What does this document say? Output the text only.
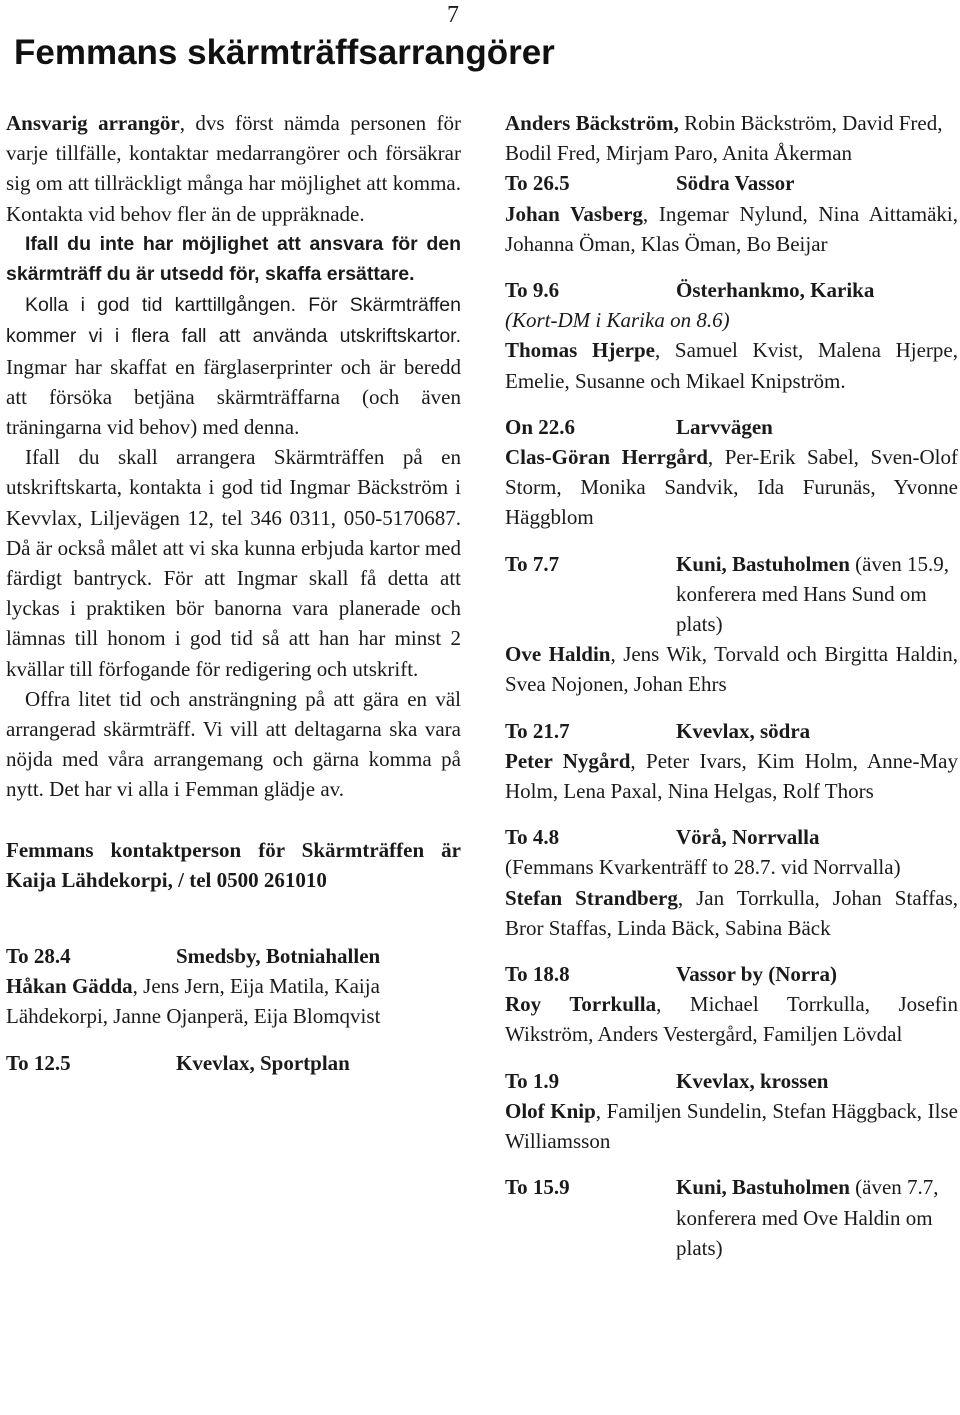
7
Femmans skärmträffsarrangörer

Ansvarig arrangör, dvs först nämda personen för varje tillfälle, kontaktar medarrangörer och försäkrar sig om att tillräckligt många har möjlighet att komma. Kontakta vid behov fler än de uppräknade.

Ifall du inte har möjlighet att ansvara för den skärmträff du är utsedd för, skaffa ersättare.

Kolla i god tid karttillgången. För Skärmträffen kommer vi i flera fall att använda utskriftskartor. Ingmar har skaffat en färglaserprinter och är beredd att försöka betjäna skärmträffarna (och även träningarna vid behov) med denna.

Ifall du skall arrangera Skärmträffen på en utskriftskarta, kontakta i god tid Ingmar Bäckström i Kevvlax, Liljevägen 12, tel 346 0311, 050-5170687. Då är också målet att vi ska kunna erbjuda kartor med färdigt bantryck. För att Ingmar skall få detta att lyckas i praktiken bör banorna vara planerade och lämnas till honom i god tid så att han har minst 2 kvällar till förfogande för redigering och utskrift.

Offra litet tid och ansträngning på att gära en väl arrangerad skärmträff. Vi vill att deltagarna ska vara nöjda med våra arrangemang och gärna komma på nytt. Det har vi alla i Femman glädje av.

Femmans kontaktperson för Skärmträffen är Kaija Lähdekorpi, / tel 0500 261010

To 28.4	Smedsby, Botniahallen

Håkan Gädda, Jens Jern, Eija Matila, Kaija Lähdekorpi, Janne Ojanperä, Eija Blomqvist

To 12.5	Kvevlax, Sportplan

Anders Bäckström, Robin Bäckström, David Fred, Bodil Fred, Mirjam Paro, Anita Åkerman

To 26.5	Södra Vassor

Johan Vasberg, Ingemar Nylund, Nina Aittamäki, Johanna Öman, Klas Öman, Bo Beijar

To 9.6	Österhankmo, Karika

(Kort-DM i Karika on 8.6)

Thomas Hjerpe, Samuel Kvist, Malena Hjerpe, Emelie, Susanne och Mikael Knipström.

On 22.6	Larvvägen

Clas-Göran Herrgård, Per-Erik Sabel, Sven-Olof Storm, Monika Sandvik, Ida Furunäs, Yvonne Häggblom

To 7.7	Kuni, Bastuholmen (även 15.9, konferera med Hans Sund om plats)

Ove Haldin, Jens Wik, Torvald och Birgitta Haldin, Svea Nojonen, Johan Ehrs

To 21.7	Kvevlax, södra

Peter Nygård, Peter Ivars, Kim Holm, Anne-May Holm, Lena Paxal, Nina Helgas, Rolf Thors

To 4.8	Vörå, Norrvalla

(Femmans Kvarkenträff to 28.7. vid Norrvalla)

Stefan Strandberg, Jan Torrkulla, Johan Staffas, Bror Staffas, Linda Bäck, Sabina Bäck

To 18.8	Vassor by (Norra)

Roy Torrkulla, Michael Torrkulla, Josefin Wikström, Anders Vestergård, Familjen Lövdal

To 1.9	Kvevlax, krossen

Olof Knip, Familjen Sundelin, Stefan Häggback, Ilse Williamsson

To 15.9	Kuni, Bastuholmen (även 7.7, konferera med Ove Haldin om plats)
